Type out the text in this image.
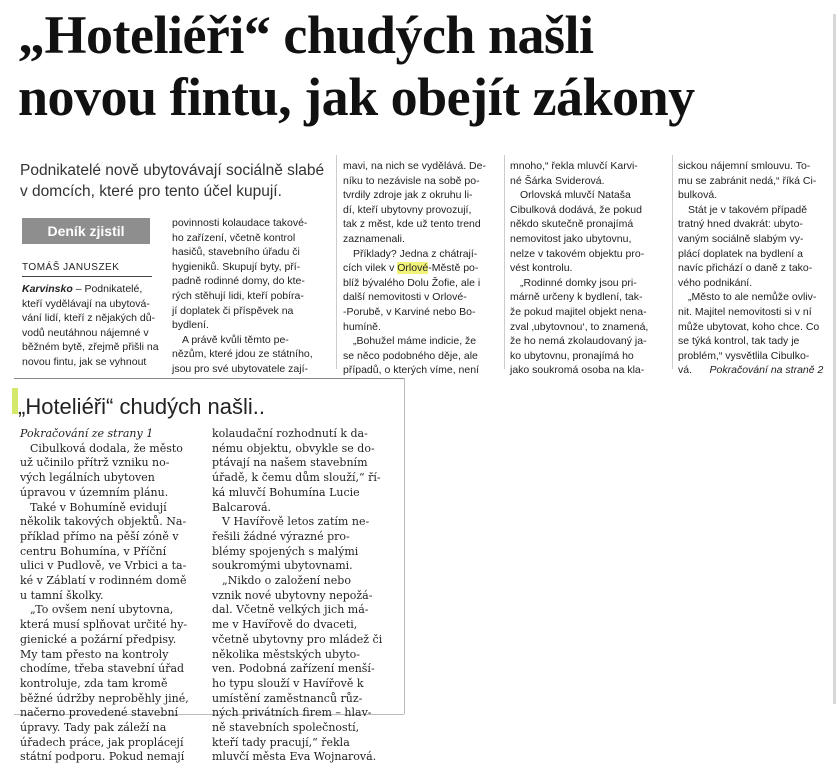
„Hoteliéři“ chudých našli
novou fintu, jak obejít zákony
Podnikatelé nově ubytovávají sociálně slabé
v domcích, které pro tento účel kupují.
Deník zjistil
TOMÁŠ JANUSZEK
Karvinsko – Podnikatelé,
kteří vydělávají na ubytová-
vání lidí, kteří z nějakých dů-
vodů neutáhnou nájemné v
běžném bytě, zřejmě přišli na
novou fintu, jak se vyhnout
povinnosti kolaudace takové-
ho zařízení, včetně kontrol
hasičů, stavebního úřadu či
hygieniků. Skupují byty, pří-
padně rodinné domy, do kte-
rých stěhují lidi, kteří pobíra-
jí doplatek či příspěvek na
bydlení.
A právě kvůli těmto pe-
nězům, které jdou ze státního,
jsou pro své ubytovatele zají-
mavi, na nich se vydělává. De-
níku to nezávisle na sobě po-
tvrdily zdroje jak z okruhu li-
dí, kteří ubytovny provozují,
tak z měst, kde už tento trend
zaznamenali.
Příklady? Jedna z chátrají-
cích vilek v Orlové-Městě po-
blíž bývalého Dolu Žofie, ale i
další nemovitosti v Orlové-
-Porubě, v Karviné nebo Bo-
humíně.
„Bohužel máme indicie, že
se něco podobného děje, ale
případů, o kterých víme, není
mnoho,“ řekla mluvčí Karvi-
né Šárka Sviderová.
Orlovská mluvčí Nataša
Cibulková dodává, že pokud
někdo skutečně pronajímá
nemovitost jako ubytovnu,
nelze v takovém objektu pro-
vést kontrolu.
„Rodinné domky jsou pri-
márně určeny k bydlení, tak-
že pokud majitel objekt nena-
zval ‚ubytovnou‘, to znamená,
že ho nemá zkolaudovaný ja-
ko ubytovnu, pronajímá ho
jako soukromá osoba na kla-
sickou nájemní smlouvu. To-
mu se zabránit nedá,“ říká Ci-
bulková.
Stát je v takovém případě
tratný hned dvakrát: ubyto-
vaným sociálně slabým vy-
plácí doplatek na bydlení a
navíc přichází o daně z tako-
vého podnikání.
„Město to ale nemůže ovliv-
nit. Majitel nemovitosti si v ní
může ubytovat, koho chce. Co
se týká kontrol, tak tady je
problém,“ vysvětlila Cibulko-
vá. Pokračování na straně 2
„Hoteliéři“ chudých našli..
Pokračování ze strany 1
Cibulková dodala, že město
už učinilo přítrž vzniku no-
vých legálních ubytoven
úpravou v územním plánu.
Také v Bohumíně evidují
několik takových objektů. Na-
příklad přímo na pěší zóně v
centru Bohumína, v Příční
ulici v Pudlově, ve Vrbici a ta-
ké v Záblatí v rodinném domě
u tamní školky.
„To ovšem není ubytovna,
která musí splňovat určité hy-
gienické a požární předpisy.
My tam přesto na kontroly
chodíme, třeba stavební úřad
kontroluje, zda tam kromě
běžné údržby neproběhly jiné,
načerno provedené stavební
úpravy. Tady pak záleží na
úřadech práce, jak proplácejí
státní podporu. Pokud nemají
kolaudační rozhodnutí k da-
nému objektu, obvykle se do-
ptávají na našem stavebním
úřadě, k čemu dům slouží,“ ří-
ká mluvčí Bohumína Lucie
Balcarová.
V Havířově letos zatím ne-
řešili žádné výrazné pro-
blémy spojených s malými
soukromými ubytovnami.
„Nikdo o založení nebo
vznik nové ubytovny nepožá-
dal. Včetně velkých jich má-
me v Havířově do dvaceti,
včetně ubytovny pro mládež či
několika městských ubyto-
ven. Podobná zařízení menší-
ho typu slouží v Havířově k
umístění zaměstnanců růz-
ných privátních firem – hlav-
ně stavebních společností,
kteří tady pracují,“ řekla
mluvčí města Eva Wojnarová.
